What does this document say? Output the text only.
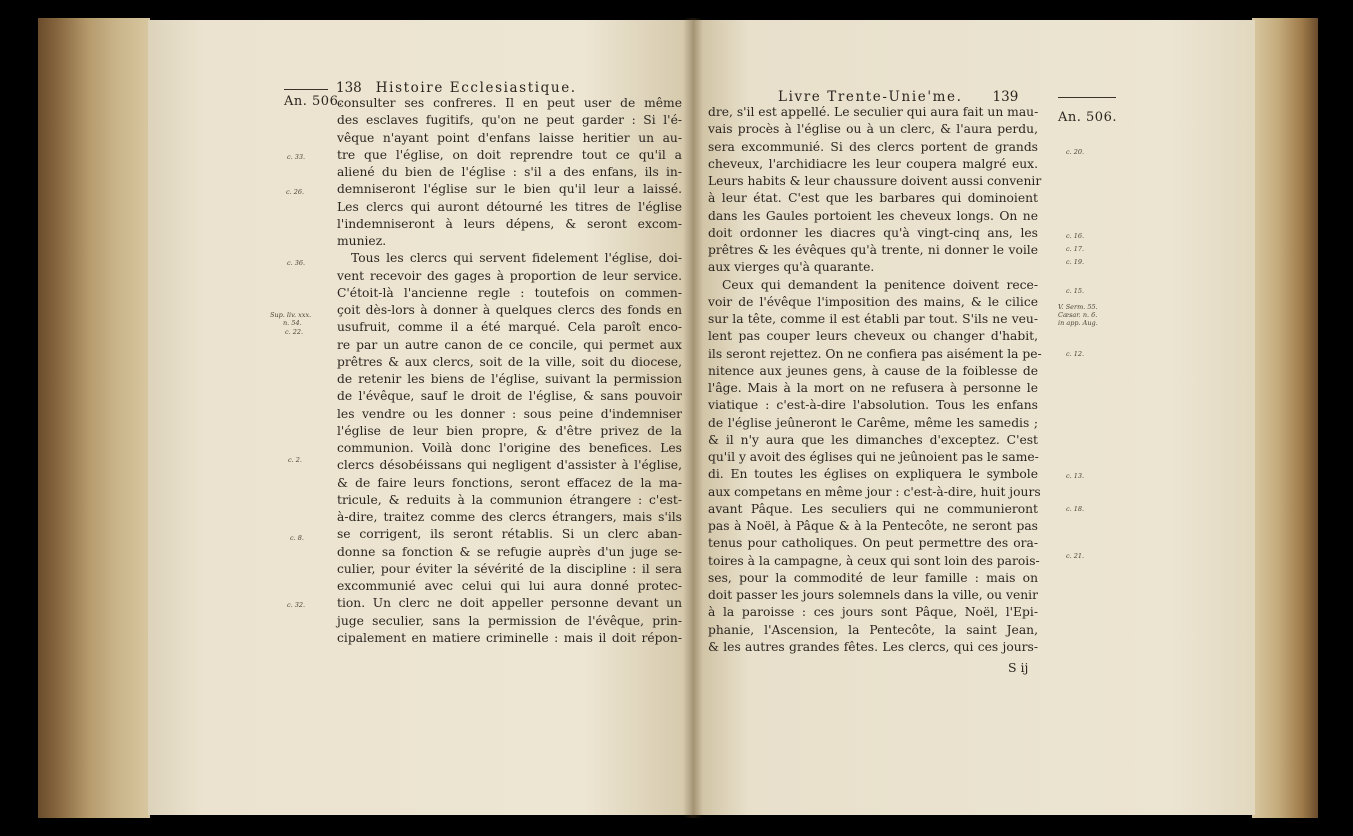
138 Histoire Ecclesiastique.
An. 506.
consulter ses confreres. Il en peut user de même
des esclaves fugitifs, qu'on ne peut garder : Si l'é-
vêque n'ayant point d'enfans laisse heritier un au-
tre que l'église, on doit reprendre tout ce qu'il a
aliené du bien de l'église : s'il a des enfans, ils in-
demniseront l'église sur le bien qu'il leur a laissé.
Les clercs qui auront détourné les titres de l'église
l'indemniseront à leurs dépens, & seront excom-
muniez.
Tous les clercs qui servent fidelement l'église, doi-
vent recevoir des gages à proportion de leur service.
C'étoit-là l'ancienne regle : toutefois on commen-
çoit dès-lors à donner à quelques clercs des fonds en
usufruit, comme il a été marqué. Cela paroît enco-
re par un autre canon de ce concile, qui permet aux
prêtres & aux clercs, soit de la ville, soit du diocese,
de retenir les biens de l'église, suivant la permission
de l'évêque, sauf le droit de l'église, & sans pouvoir
les vendre ou les donner : sous peine d'indemniser
l'église de leur bien propre, & d'être privez de la
communion. Voilà donc l'origine des benefices. Les
clercs désobéissans qui negligent d'assister à l'église,
& de faire leurs fonctions, seront effacez de la ma-
tricule, & reduits à la communion étrangere : c'est-
à-dire, traitez comme des clercs étrangers, mais s'ils
se corrigent, ils seront rétablis. Si un clerc aban-
donne sa fonction & se refugie auprès d'un juge se-
culier, pour éviter la sévérité de la discipline : il sera
excommunié avec celui qui lui aura donné protec-
tion. Un clerc ne doit appeller personne devant un
juge seculier, sans la permission de l'évêque, prin-
cipalement en matiere criminelle : mais il doit répon-
c. 33.
c. 26.
c. 36.
Sup. liv. xxx.
n. 54.
c. 22.
c. 2.
c. 8.
c. 32.
Livre Trente-Unie'me. 139
An. 506.
dre, s'il est appellé. Le seculier qui aura fait un mau-
vais procès à l'église ou à un clerc, & l'aura perdu,
sera excommunié. Si des clercs portent de grands
cheveux, l'archidiacre les leur coupera malgré eux.
Leurs habits & leur chaussure doivent aussi convenir
à leur état. C'est que les barbares qui dominoient
dans les Gaules portoient les cheveux longs. On ne
doit ordonner les diacres qu'à vingt-cinq ans, les
prêtres & les évêques qu'à trente, ni donner le voile
aux vierges qu'à quarante.
Ceux qui demandent la penitence doivent rece-
voir de l'évêque l'imposition des mains, & le cilice
sur la tête, comme il est établi par tout. S'ils ne veu-
lent pas couper leurs cheveux ou changer d'habit,
ils seront rejettez. On ne confiera pas aisément la pe-
nitence aux jeunes gens, à cause de la foiblesse de
l'âge. Mais à la mort on ne refusera à personne le
viatique : c'est-à-dire l'absolution. Tous les enfans
de l'église jeûneront le Carême, même les samedis ;
& il n'y aura que les dimanches d'exceptez. C'est
qu'il y avoit des églises qui ne jeûnoient pas le same-
di. En toutes les églises on expliquera le symbole
aux competans en même jour : c'est-à-dire, huit jours
avant Pâque. Les seculiers qui ne communieront
pas à Noël, à Pâque & à la Pentecôte, ne seront pas
tenus pour catholiques. On peut permettre des ora-
toires à la campagne, à ceux qui sont loin des parois-
ses, pour la commodité de leur famille : mais on
doit passer les jours solemnels dans la ville, ou venir
à la paroisse : ces jours sont Pâque, Noël, l'Epi-
phanie, l'Ascension, la Pentecôte, la saint Jean,
& les autres grandes fêtes. Les clercs, qui ces jours-
S ij
c. 20.
c. 16.
c. 17.
c. 19.
c. 15.
V. Serm. 55.
Cæsar. n. 6.
in app. Aug.
c. 12.
c. 13.
c. 18.
c. 21.
